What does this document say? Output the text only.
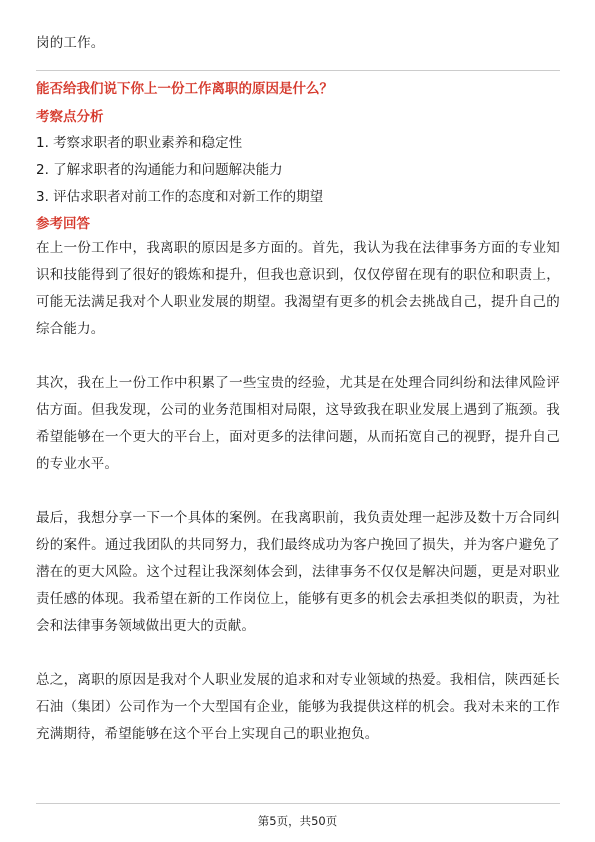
岗的工作。

能否给我们说下你上一份工作离职的原因是什么？

考察点分析

1. 考察求职者的职业素养和稳定性
2. 了解求职者的沟通能力和问题解决能力
3. 评估求职者对前工作的态度和对新工作的期望

参考回答

在上一份工作中，我离职的原因是多方面的。首先，我认为我在法律事务方面的专业知识和技能得到了很好的锻炼和提升，但我也意识到，仅仅停留在现有的职位和职责上，可能无法满足我对个人职业发展的期望。我渴望有更多的机会去挑战自己，提升自己的综合能力。

其次，我在上一份工作中积累了一些宝贵的经验，尤其是在处理合同纠纷和法律风险评估方面。但我发现，公司的业务范围相对局限，这导致我在职业发展上遇到了瓶颈。我希望能够在一个更大的平台上，面对更多的法律问题，从而拓宽自己的视野，提升自己的专业水平。

最后，我想分享一下一个具体的案例。在我离职前，我负责处理一起涉及数十万合同纠纷的案件。通过我团队的共同努力，我们最终成功为客户挽回了损失，并为客户避免了潜在的更大风险。这个过程让我深刻体会到，法律事务不仅仅是解决问题，更是对职业责任感的体现。我希望在新的工作岗位上，能够有更多的机会去承担类似的职责，为社会和法律事务领域做出更大的贡献。

总之，离职的原因是我对个人职业发展的追求和对专业领域的热爱。我相信，陕西延长石油（集团）公司作为一个大型国有企业，能够为我提供这样的机会。我对未来的工作充满期待，希望能够在这个平台上实现自己的职业抱负。

第5页，共50页
